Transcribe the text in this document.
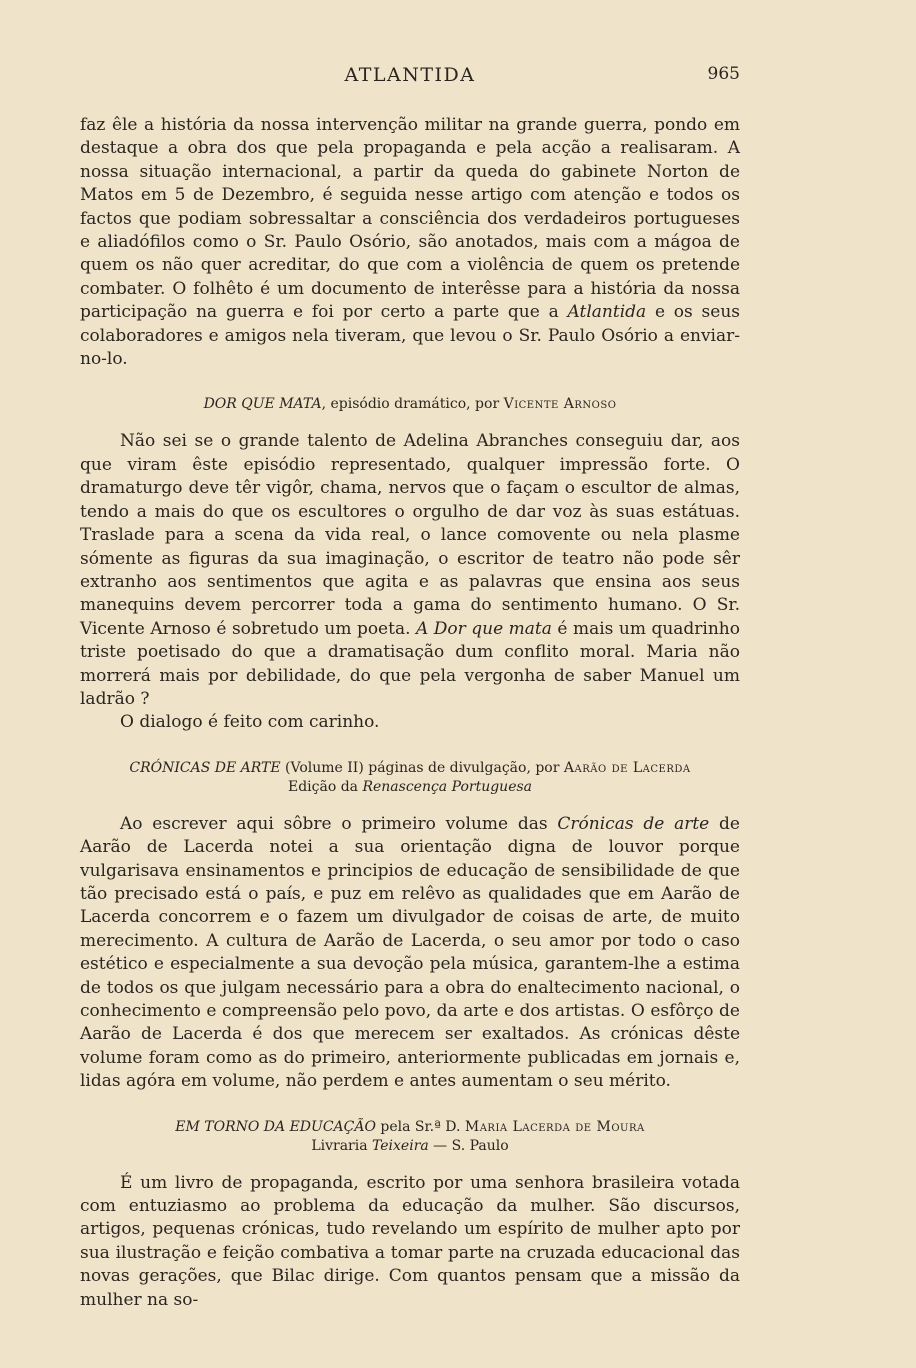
ATLANTIDA	965

faz êle a história da nossa intervenção militar na grande guerra, pondo em destaque a obra dos que pela propaganda e pela acção a realisaram. A nossa situação internacional, a partir da queda do gabinete Norton de Matos em 5 de Dezembro, é seguida nesse artigo com atenção e todos os factos que podiam sobressaltar a consciência dos verdadeiros portugueses e aliadófilos como o Sr. Paulo Osório, são anotados, mais com a mágoa de quem os não quer acreditar, do que com a violência de quem os pretende combater. O folhêto é um documento de interêsse para a história da nossa participação na guerra e foi por certo a parte que a Atlantida e os seus colaboradores e amigos nela tiveram, que levou o Sr. Paulo Osório a enviar-no-lo.

DOR QUE MATA, episódio dramático, por Vicente Arnoso

Não sei se o grande talento de Adelina Abranches conseguiu dar, aos que viram êste episódio representado, qualquer impressão forte. O dramaturgo deve têr vigôr, chama, nervos que o façam o escultor de almas, tendo a mais do que os escultores o orgulho de dar voz às suas estátuas. Traslade para a scena da vida real, o lance comovente ou nela plasme sómente as figuras da sua imaginação, o escritor de teatro não pode sêr extranho aos sentimentos que agita e as palavras que ensina aos seus manequins devem percorrer toda a gama do sentimento humano. O Sr. Vicente Arnoso é sobretudo um poeta. A Dor que mata é mais um quadrinho triste poetisado do que a dramatisação dum conflito moral. Maria não morrerá mais por debilidade, do que pela vergonha de saber Manuel um ladrão ?

O dialogo é feito com carinho.

CRÓNICAS DE ARTE (Volume II) páginas de divulgação, por Aarão de Lacerda
Edição da Renascença Portuguesa

Ao escrever aqui sôbre o primeiro volume das Crónicas de arte de Aarão de Lacerda notei a sua orientação digna de louvor porque vulgarisava ensinamentos e principios de educação de sensibilidade de que tão precisado está o país, e puz em relêvo as qualidades que em Aarão de Lacerda concorrem e o fazem um divulgador de coisas de arte, de muito merecimento. A cultura de Aarão de Lacerda, o seu amor por todo o caso estético e especialmente a sua devoção pela música, garantem-lhe a estima de todos os que julgam necessário para a obra do enaltecimento nacional, o conhecimento e compreensão pelo povo, da arte e dos artistas. O esfôrço de Aarão de Lacerda é dos que merecem ser exaltados. As crónicas dêste volume foram como as do primeiro, anteriormente publicadas em jornais e, lidas agóra em volume, não perdem e antes aumentam o seu mérito.

EM TORNO DA EDUCAÇÃO pela Sr.ª D. Maria Lacerda de Moura
Livraria Teixeira — S. Paulo

É um livro de propaganda, escrito por uma senhora brasileira votada com entuziasmo ao problema da educação da mulher. São discursos, artigos, pequenas crónicas, tudo revelando um espírito de mulher apto por sua ilustração e feição combativa a tomar parte na cruzada educacional das novas gerações, que Bilac dirige. Com quantos pensam que a missão da mulher na so-
